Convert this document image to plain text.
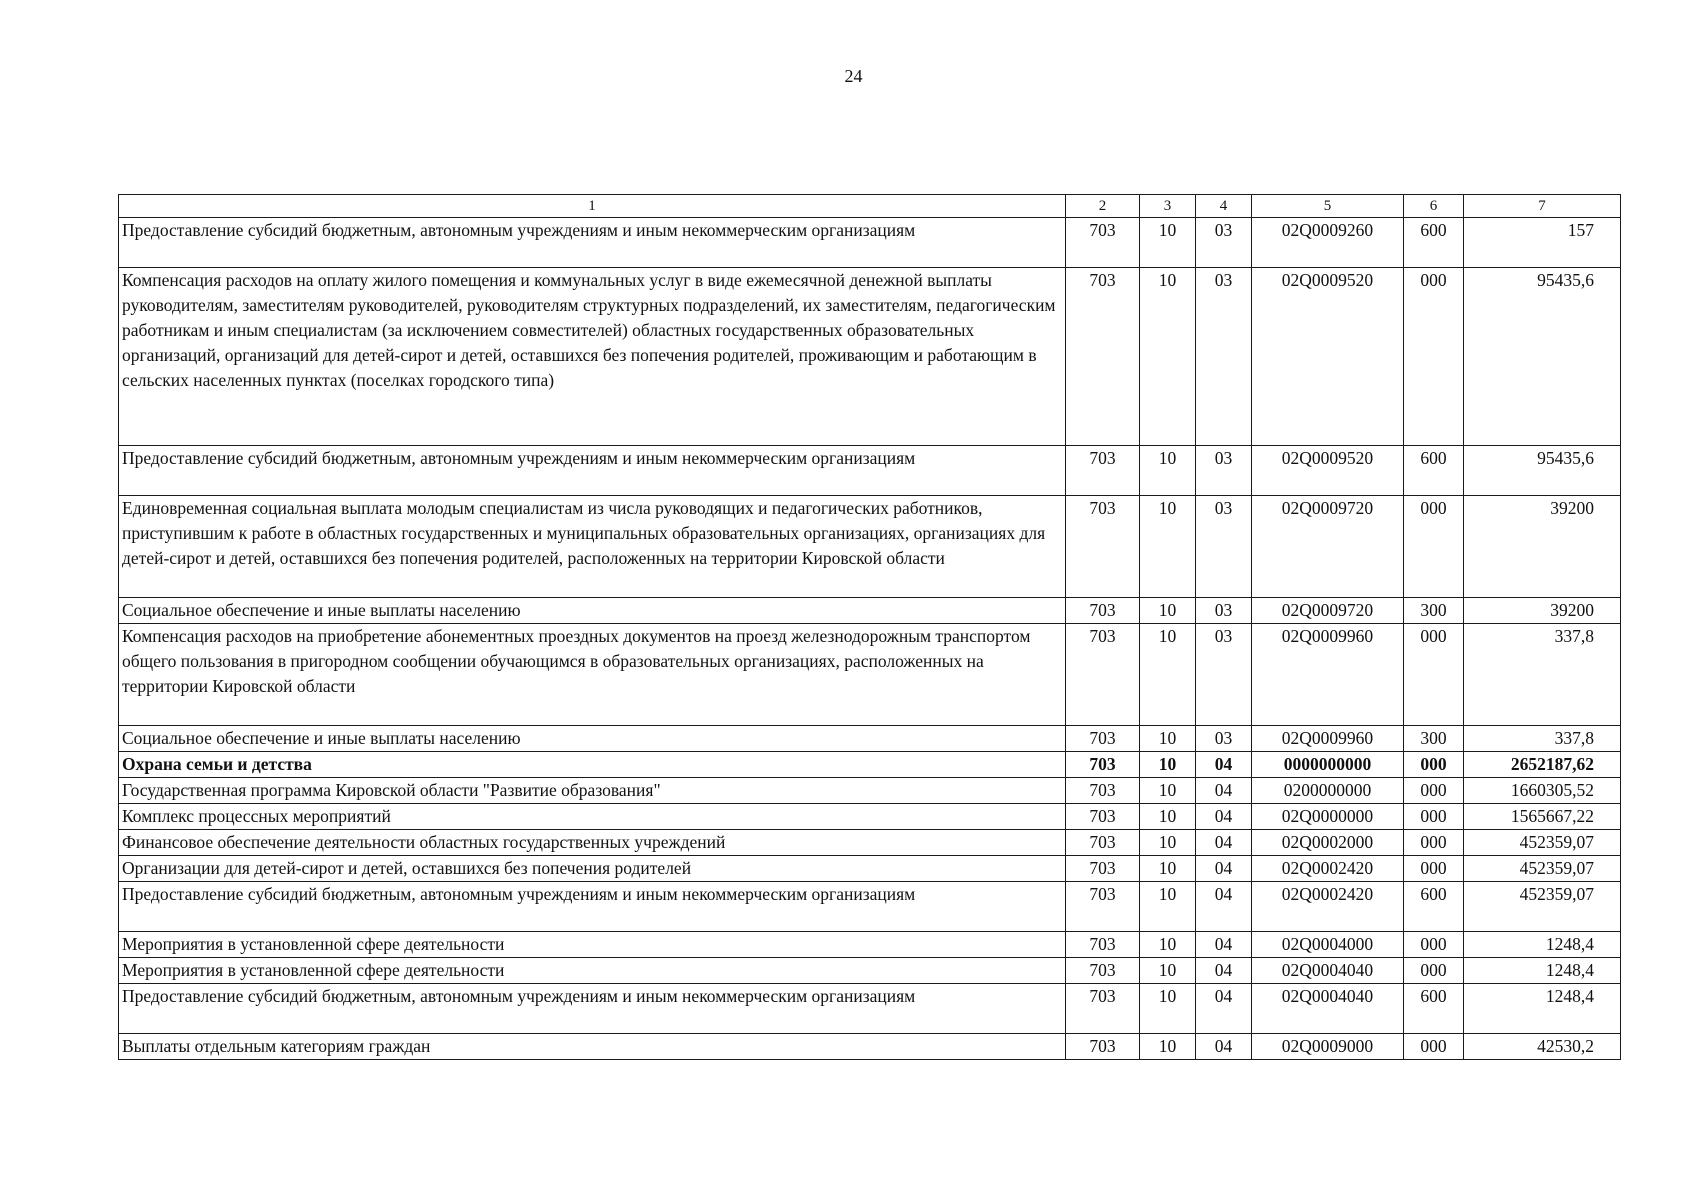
24
1	2	3	4	5	6	7
Предоставление субсидий бюджетным, автономным учреждениям и иным некоммерческим организациям	703	10	03	02Q0009260	600	157
Компенсация расходов на оплату жилого помещения и коммунальных услуг в виде ежемесячной денежной выплаты руководителям, заместителям руководителей, руководителям структурных подразделений, их заместителям, педагогическим работникам и иным специалистам (за исключением совместителей) областных государственных образовательных организаций, организаций для детей-сирот и детей, оставшихся без попечения родителей, проживающим и работающим в сельских населенных пунктах (поселках городского типа)	703	10	03	02Q0009520	000	95435,6
Предоставление субсидий бюджетным, автономным учреждениям и иным некоммерческим организациям	703	10	03	02Q0009520	600	95435,6
Единовременная социальная выплата молодым специалистам из числа руководящих и педагогических работников, приступившим к работе в областных государственных и муниципальных образовательных организациях, организациях для детей-сирот и детей, оставшихся без попечения родителей, расположенных на территории Кировской области	703	10	03	02Q0009720	000	39200
Социальное обеспечение и иные выплаты населению	703	10	03	02Q0009720	300	39200
Компенсация расходов на приобретение абонементных проездных документов на проезд железнодорожным транспортом общего пользования в пригородном сообщении обучающимся в образовательных организациях, расположенных на территории Кировской области	703	10	03	02Q0009960	000	337,8
Социальное обеспечение и иные выплаты населению	703	10	03	02Q0009960	300	337,8
Охрана семьи и детства	703	10	04	0000000000	000	2652187,62
Государственная программа Кировской области "Развитие образования"	703	10	04	0200000000	000	1660305,52
Комплекс процессных мероприятий	703	10	04	02Q0000000	000	1565667,22
Финансовое обеспечение деятельности областных государственных учреждений	703	10	04	02Q0002000	000	452359,07
Организации для детей-сирот и детей, оставшихся без попечения родителей	703	10	04	02Q0002420	000	452359,07
Предоставление субсидий бюджетным, автономным учреждениям и иным некоммерческим организациям	703	10	04	02Q0002420	600	452359,07
Мероприятия в установленной сфере деятельности	703	10	04	02Q0004000	000	1248,4
Мероприятия в установленной сфере деятельности	703	10	04	02Q0004040	000	1248,4
Предоставление субсидий бюджетным, автономным учреждениям и иным некоммерческим организациям	703	10	04	02Q0004040	600	1248,4
Выплаты отдельным категориям граждан	703	10	04	02Q0009000	000	42530,2
